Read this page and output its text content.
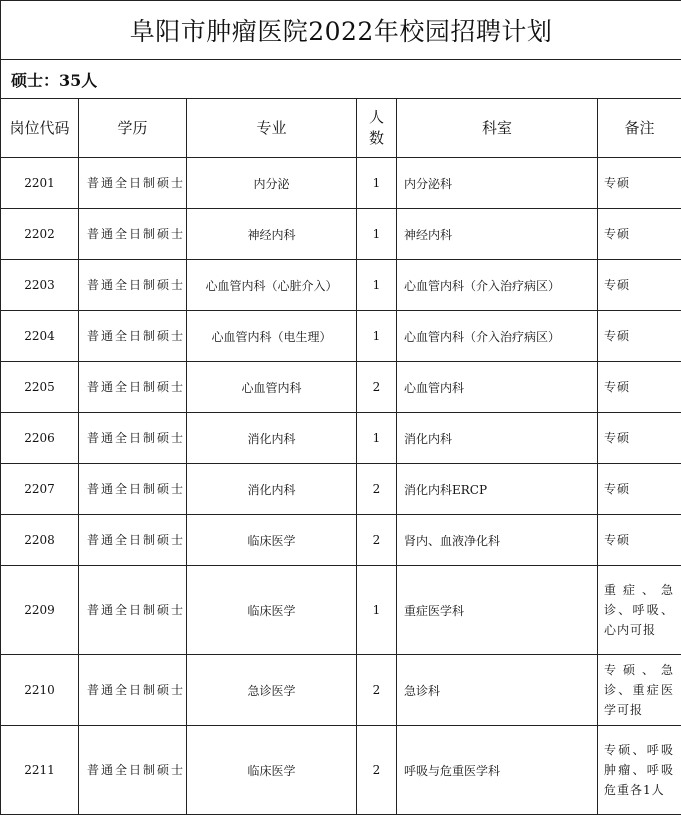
阜阳市肿瘤医院2022年校园招聘计划					
硕士：35人					
岗位代码	学历	专业	人数	科室	备注
2201	普通全日制硕士	内分泌	1	内分泌科	专硕
2202	普通全日制硕士	神经内科	1	神经内科	专硕
2203	普通全日制硕士	心血管内科（心脏介入）	1	心血管内科（介入治疗病区）	专硕
2204	普通全日制硕士	心血管内科（电生理）	1	心血管内科（介入治疗病区）	专硕
2205	普通全日制硕士	心血管内科	2	心血管内科	专硕
2206	普通全日制硕士	消化内科	1	消化内科	专硕
2207	普通全日制硕士	消化内科	2	消化内科ERCP	专硕
2208	普通全日制硕士	临床医学	2	肾内、血液净化科	专硕
2209	普通全日制硕士	临床医学	1	重症医学科	重症、急诊、呼吸、心内可报
2210	普通全日制硕士	急诊医学	2	急诊科	专硕、急诊、重症医学可报
2211	普通全日制硕士	临床医学	2	呼吸与危重医学科	专硕、呼吸肿瘤、呼吸危重各1人
